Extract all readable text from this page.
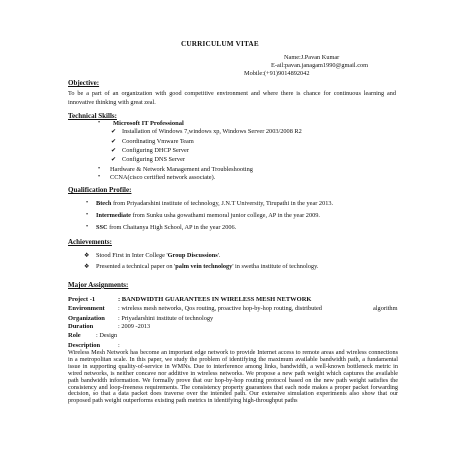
CURRICULUM VITAE
Name:J.Pavan Kumar
E-ail:pavan.janagam1990@gmail.com
Mobile:(+91)9014892042
Objective:
To be a part of an organization with good competitive environment and where there is chance for continuous learning and innovative thinking with great zeal.
Technical Skills:
• Microsoft IT Professional
✔ Installation of Windows 7,windows xp, Windows Server 2003/2008 R2
✔ Coordinating Vmware Team
✔ Configuring DHCP Server
✔ Configuring DNS Server
• Hardware & Network Management and Troubleshooting
• CCNA(cisco certified network associate).
Qualification Profile:
• Btech from Priyadarshini institute of technology, J.N.T University, Tirupathi in the year 2013.
• Intermediate from Sunku usha gowathami memoral junior college, AP in the year 2009.
• SSC from Chaitanya High School, AP in the year 2006.
Achievements:
❖ Stood First in Inter College 'Group Discussions'.
❖ Presented a technical paper on 'palm vein technology' in swetha institute of technology.
Major Assignments:
Project -1	: BANDWIDTH GUARANTEES IN WIRELESS MESH NETWORK
Environment : wireless mesh networks, Qos routing, proactive hop-by-hop routing, distributed	algorithm
Organization : Priyadarshini institute of technology
Duration	: 2009 -2013
Role : Design
Description	:
Wireless Mesh Network has become an important edge network to provide Internet access to remote areas and wireless connections in a metropolitan scale. In this paper, we study the problem of identifying the maximum available bandwidth path, a fundamental issue in supporting quality-of-service in WMNs. Due to interference among links, bandwidth, a well-known bottleneck metric in wired networks, is neither concave nor additive in wireless networks. We propose a new path weight which captures the available path bandwidth information. We formally prove that our hop-by-hop routing protocol based on the new path weight satisfies the consistency and loop-freeness requirements. The consistency property guarantees that each node makes a proper packet forwarding decision, so that a data packet does traverse over the intended path. Our extensive simulation experiments also show that our proposed path weight outperforms existing path metrics in identifying high-throughput paths
